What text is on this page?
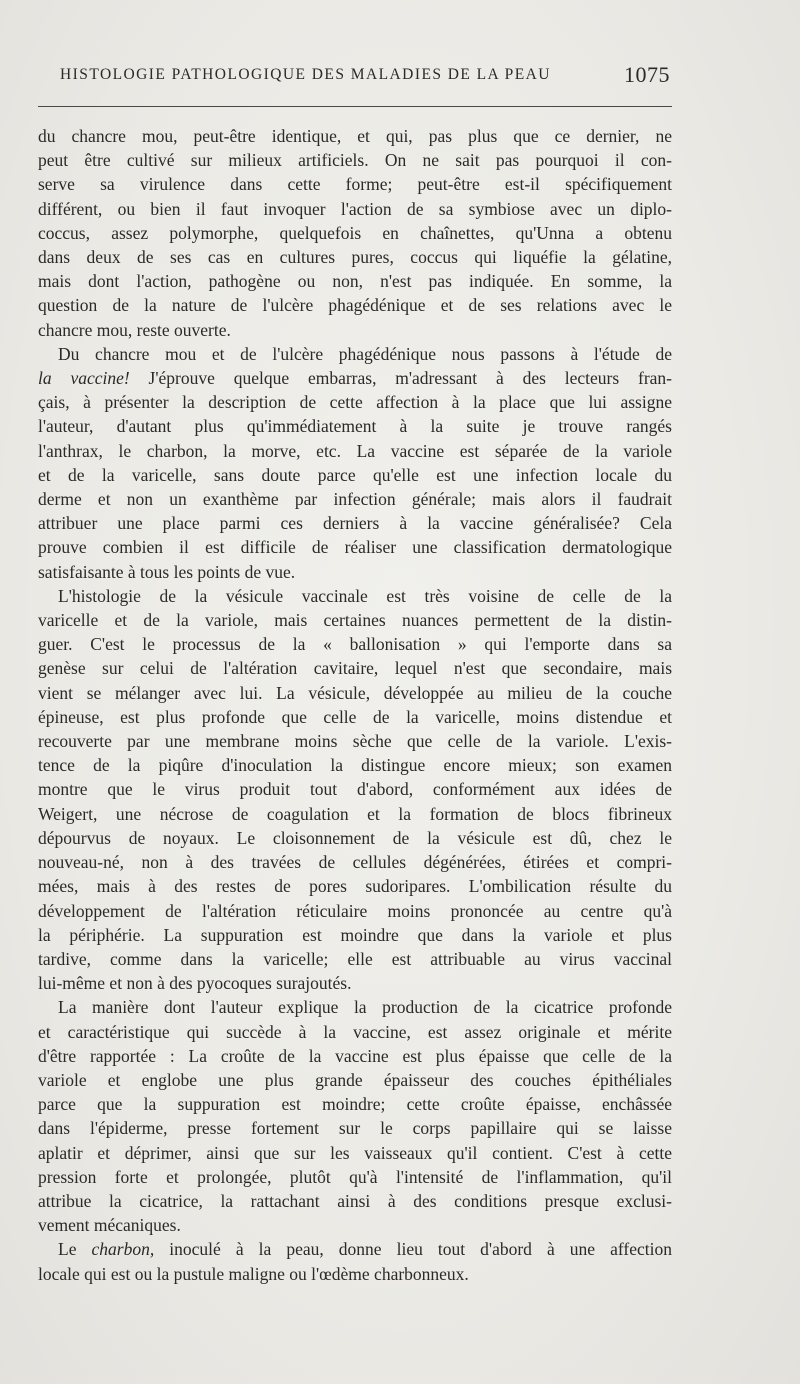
HISTOLOGIE PATHOLOGIQUE DES MALADIES DE LA PEAU	1075
du chancre mou, peut-être identique, et qui, pas plus que ce dernier, ne
peut être cultivé sur milieux artificiels. On ne sait pas pourquoi il con-
serve sa virulence dans cette forme; peut-être est-il spécifiquement
différent, ou bien il faut invoquer l'action de sa symbiose avec un diplo-
coccus, assez polymorphe, quelquefois en chaînettes, qu'Unna a obtenu
dans deux de ses cas en cultures pures, coccus qui liquéfie la gélatine,
mais dont l'action, pathogène ou non, n'est pas indiquée. En somme, la
question de la nature de l'ulcère phagédénique et de ses relations avec le
chancre mou, reste ouverte.
Du chancre mou et de l'ulcère phagédénique nous passons à l'étude de
la vaccine! J'éprouve quelque embarras, m'adressant à des lecteurs fran-
çais, à présenter la description de cette affection à la place que lui assigne
l'auteur, d'autant plus qu'immédiatement à la suite je trouve rangés
l'anthrax, le charbon, la morve, etc. La vaccine est séparée de la variole
et de la varicelle, sans doute parce qu'elle est une infection locale du
derme et non un exanthème par infection générale; mais alors il faudrait
attribuer une place parmi ces derniers à la vaccine généralisée? Cela
prouve combien il est difficile de réaliser une classification dermatologique
satisfaisante à tous les points de vue.
L'histologie de la vésicule vaccinale est très voisine de celle de la
varicelle et de la variole, mais certaines nuances permettent de la distin-
guer. C'est le processus de la « ballonisation » qui l'emporte dans sa
genèse sur celui de l'altération cavitaire, lequel n'est que secondaire, mais
vient se mélanger avec lui. La vésicule, développée au milieu de la couche
épineuse, est plus profonde que celle de la varicelle, moins distendue et
recouverte par une membrane moins sèche que celle de la variole. L'exis-
tence de la piqûre d'inoculation la distingue encore mieux; son examen
montre que le virus produit tout d'abord, conformément aux idées de
Weigert, une nécrose de coagulation et la formation de blocs fibrineux
dépourvus de noyaux. Le cloisonnement de la vésicule est dû, chez le
nouveau-né, non à des travées de cellules dégénérées, étirées et compri-
mées, mais à des restes de pores sudoripares. L'ombilication résulte du
développement de l'altération réticulaire moins prononcée au centre qu'à
la périphérie. La suppuration est moindre que dans la variole et plus
tardive, comme dans la varicelle; elle est attribuable au virus vaccinal
lui-même et non à des pyocoques surajoutés.
La manière dont l'auteur explique la production de la cicatrice profonde
et caractéristique qui succède à la vaccine, est assez originale et mérite
d'être rapportée : La croûte de la vaccine est plus épaisse que celle de la
variole et englobe une plus grande épaisseur des couches épithéliales
parce que la suppuration est moindre; cette croûte épaisse, enchâssée
dans l'épiderme, presse fortement sur le corps papillaire qui se laisse
aplatir et déprimer, ainsi que sur les vaisseaux qu'il contient. C'est à cette
pression forte et prolongée, plutôt qu'à l'intensité de l'inflammation, qu'il
attribue la cicatrice, la rattachant ainsi à des conditions presque exclusi-
vement mécaniques.
Le charbon, inoculé à la peau, donne lieu tout d'abord à une affection
locale qui est ou la pustule maligne ou l'œdème charbonneux.
